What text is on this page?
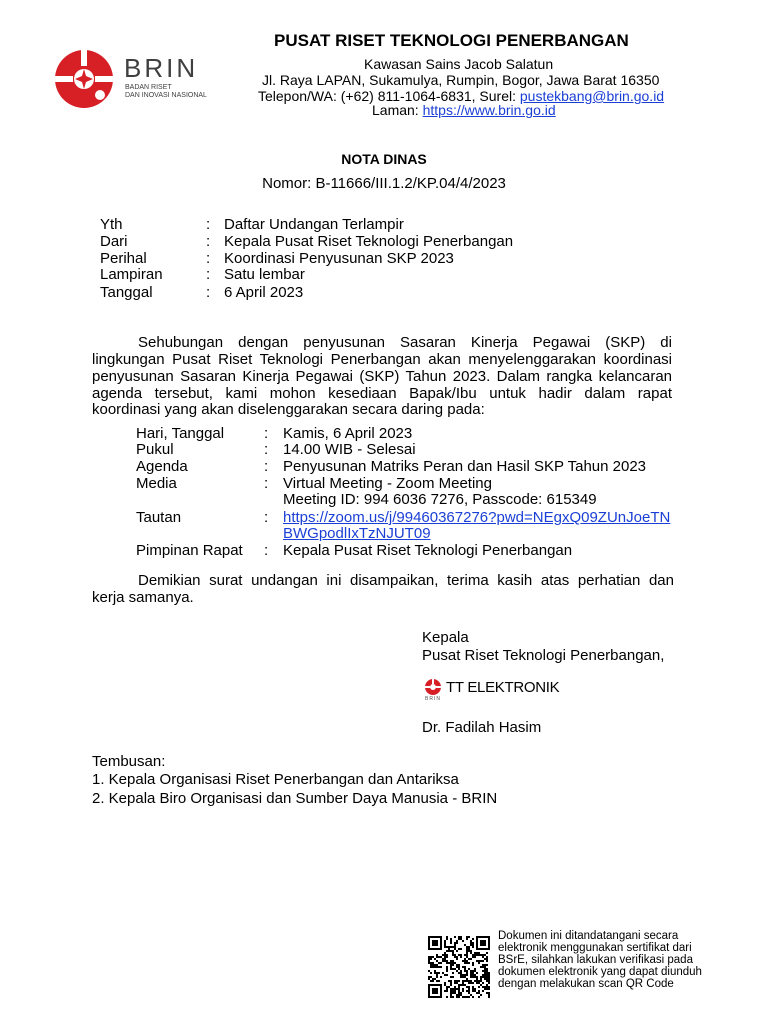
BRIN
BADAN RISET
DAN INOVASI NASIONAL
PUSAT RISET TEKNOLOGI PENERBANGAN
Kawasan Sains Jacob Salatun
Jl. Raya LAPAN, Sukamulya, Rumpin, Bogor, Jawa Barat 16350
Telepon/WA: (+62) 811-1064-6831, Surel: pustekbang@brin.go.id
Laman: https://www.brin.go.id
NOTA DINAS
Nomor: B-11666/III.1.2/KP.04/4/2023
Yth	: Daftar Undangan Terlampir
Dari	: Kepala Pusat Riset Teknologi Penerbangan
Perihal	: Koordinasi Penyusunan SKP 2023
Lampiran	: Satu lembar
Tanggal	: 6 April 2023
Sehubungan dengan penyusunan Sasaran Kinerja Pegawai (SKP) di
lingkungan Pusat Riset Teknologi Penerbangan akan menyelenggarakan koordinasi
penyusunan Sasaran Kinerja Pegawai (SKP) Tahun 2023. Dalam rangka kelancaran
agenda tersebut, kami mohon kesediaan Bapak/Ibu untuk hadir dalam rapat
koordinasi yang akan diselenggarakan secara daring pada:
Hari, Tanggal	: Kamis, 6 April 2023
Pukul	: 14.00 WIB - Selesai
Agenda	: Penyusunan Matriks Peran dan Hasil SKP Tahun 2023
Media	: Virtual Meeting - Zoom Meeting
Meeting ID: 994 6036 7276, Passcode: 615349
Tautan	: https://zoom.us/j/99460367276?pwd=NEgxQ09ZUnJoeTN
BWGpodlIxTzNJUT09
Pimpinan Rapat : Kepala Pusat Riset Teknologi Penerbangan
Demikian surat undangan ini disampaikan, terima kasih atas perhatian dan
kerja samanya.
Kepala
Pusat Riset Teknologi Penerbangan,
BRIN
TT ELEKTRONIK
Dr. Fadilah Hasim
Tembusan:
1. Kepala Organisasi Riset Penerbangan dan Antariksa
2. Kepala Biro Organisasi dan Sumber Daya Manusia - BRIN
Dokumen ini ditandatangani secara
elektronik menggunakan sertifikat dari
BSrE, silahkan lakukan verifikasi pada
dokumen elektronik yang dapat diunduh
dengan melakukan scan QR Code
